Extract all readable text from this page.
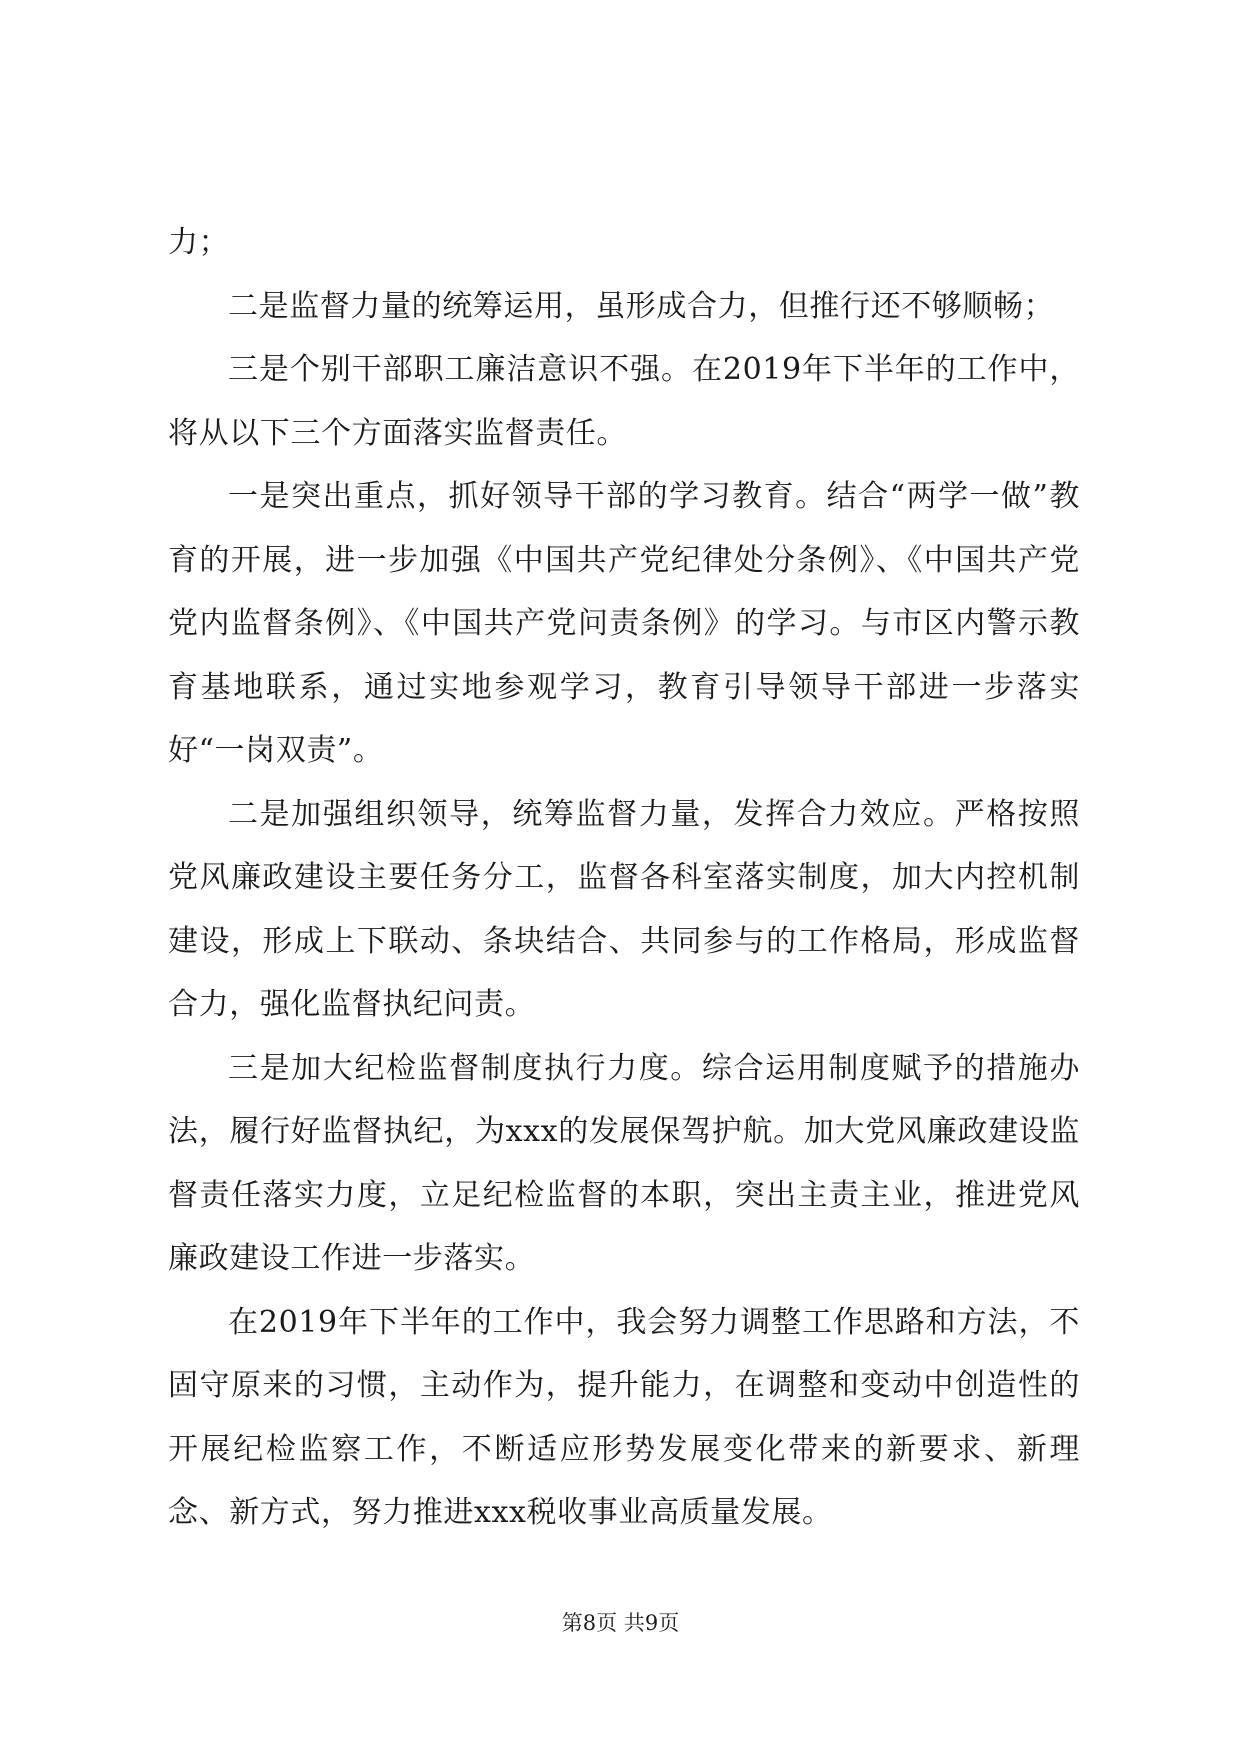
力；

二是监督力量的统筹运用，虽形成合力，但推行还不够顺畅；

三是个别干部职工廉洁意识不强。在2019年下半年的工作中，将从以下三个方面落实监督责任。

一是突出重点，抓好领导干部的学习教育。结合“两学一做”教育的开展，进一步加强《中国共产党纪律处分条例》、《中国共产党党内监督条例》、《中国共产党问责条例》的学习。与市区内警示教育基地联系，通过实地参观学习，教育引导领导干部进一步落实好“一岗双责”。

二是加强组织领导，统筹监督力量，发挥合力效应。严格按照党风廉政建设主要任务分工，监督各科室落实制度，加大内控机制建设，形成上下联动、条块结合、共同参与的工作格局，形成监督合力，强化监督执纪问责。

三是加大纪检监督制度执行力度。综合运用制度赋予的措施办法，履行好监督执纪，为xxx的发展保驾护航。加大党风廉政建设监督责任落实力度，立足纪检监督的本职，突出主责主业，推进党风廉政建设工作进一步落实。

在2019年下半年的工作中，我会努力调整工作思路和方法，不固守原来的习惯，主动作为，提升能力，在调整和变动中创造性的开展纪检监察工作，不断适应形势发展变化带来的新要求、新理念、新方式，努力推进xxx税收事业高质量发展。

第8页 共9页
